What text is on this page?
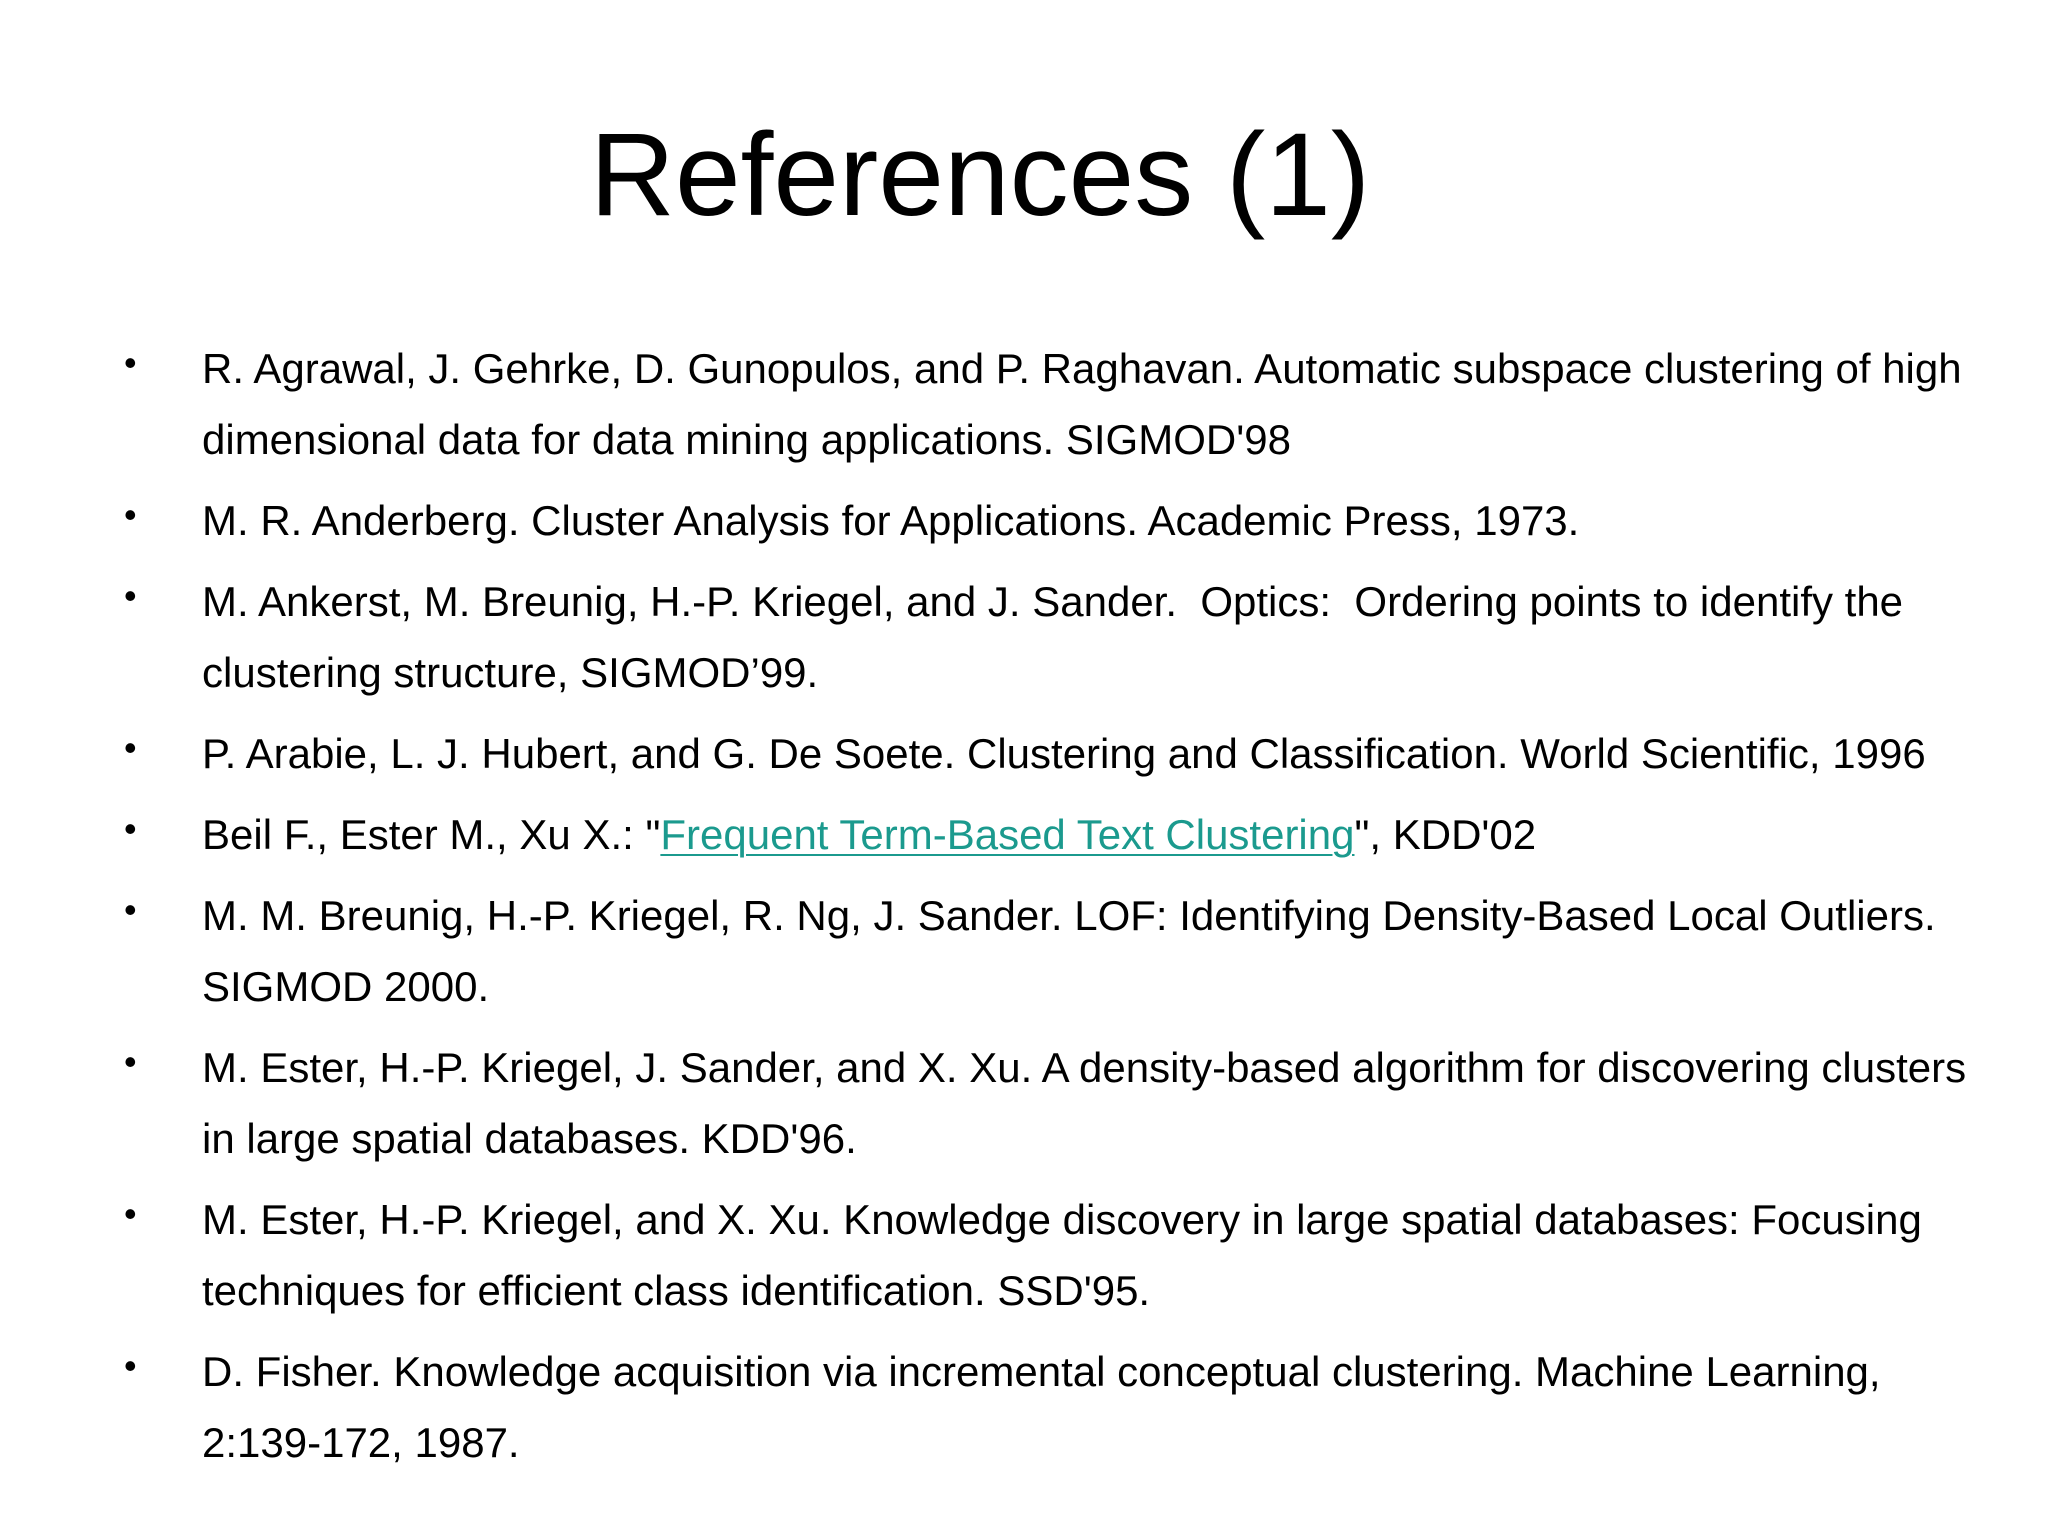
References (1)
• R. Agrawal, J. Gehrke, D. Gunopulos, and P. Raghavan. Automatic subspace clustering of high dimensional data for data mining applications. SIGMOD'98
• M. R. Anderberg. Cluster Analysis for Applications. Academic Press, 1973.
• M. Ankerst, M. Breunig, H.-P. Kriegel, and J. Sander.  Optics:  Ordering points to identify the clustering structure, SIGMOD’99.
• P. Arabie, L. J. Hubert, and G. De Soete. Clustering and Classification. World Scientific, 1996
• Beil F., Ester M., Xu X.: "Frequent Term-Based Text Clustering", KDD'02
• M. M. Breunig, H.-P. Kriegel, R. Ng, J. Sander. LOF: Identifying Density-Based Local Outliers. SIGMOD 2000.
• M. Ester, H.-P. Kriegel, J. Sander, and X. Xu. A density-based algorithm for discovering clusters in large spatial databases. KDD'96.
• M. Ester, H.-P. Kriegel, and X. Xu. Knowledge discovery in large spatial databases: Focusing techniques for efficient class identification. SSD'95.
• D. Fisher. Knowledge acquisition via incremental conceptual clustering. Machine Learning, 2:139-172, 1987.
